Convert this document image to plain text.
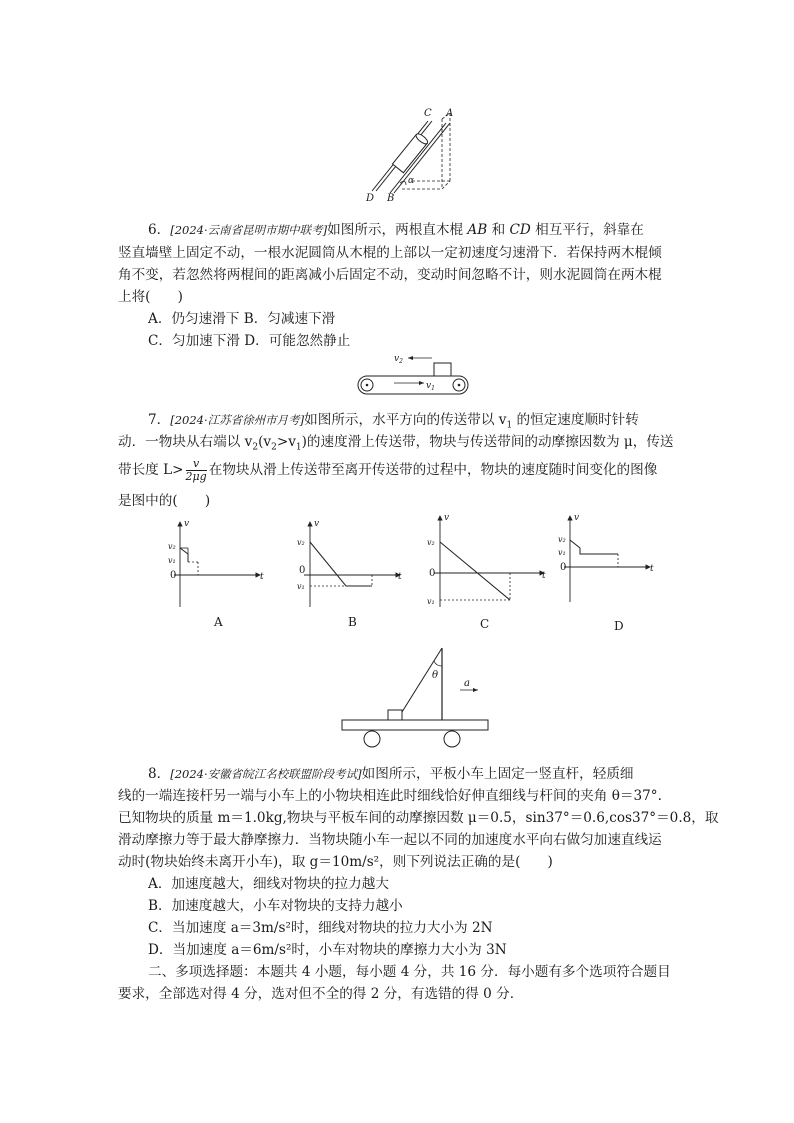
C A
D B
α
6．[2024·云南省昆明市期中联考]如图所示，两根直木棍 AB 和 CD 相互平行，斜靠在
竖直墙壁上固定不动，一根水泥圆筒从木棍的上部以一定初速度匀速滑下．若保持两木棍倾
角不变，若忽然将两棍间的距离减小后固定不动，变动时间忽略不计，则水泥圆筒在两木棍
上将(　　)
A．仍匀速滑下 B．匀减速下滑
C．匀加速下滑 D．可能忽然静止
$v_2$
$v_1$
7．[2024·江苏省徐州市月考]如图所示，水平方向的传送带以 $v_1$ 的恒定速度顺时针转
动．一物块从右端以 $v_2(v_2>v_1)$的速度滑上传送带，物块与传送带间的动摩擦因数为 μ，传送
带长度 $L> \frac{v}{2\mu g}$ 在物块从滑上传送带至离开传送带的过程中，物块的速度随时间变化的图像
是图中的(　　)
v
t
v₂
v₁
0
A
v
t
v₂
0
v₁
B
v
t
v₂
0
v₁
C
v
t
v₂
v₁
0
D
θ
a
8．[2024·安徽省皖江名校联盟阶段考试]如图所示，平板小车上固定一竖直杆，轻质细
线的一端连接杆另一端与小车上的小物块相连此时细线恰好伸直细线与杆间的夹角 θ＝37°.
已知物块的质量 m＝1.0kg,物块与平板车间的动摩擦因数 μ＝0.5，sin37°＝0.6,cos37°＝0.8，取
滑动摩擦力等于最大静摩擦力．当物块随小车一起以不同的加速度水平向右做匀加速直线运
动时(物块始终未离开小车)，取 g＝10m/s²，则下列说法正确的是(　　)
A．加速度越大，细线对物块的拉力越大
B．加速度越大，小车对物块的支持力越小
C．当加速度 a＝3m/s²时，细线对物块的拉力大小为 2N
D．当加速度 a＝6m/s²时，小车对物块的摩擦力大小为 3N
二、多项选择题：本题共 4 小题，每小题 4 分，共 16 分．每小题有多个选项符合题目
要求，全部选对得 4 分，选对但不全的得 2 分，有选错的得 0 分．
